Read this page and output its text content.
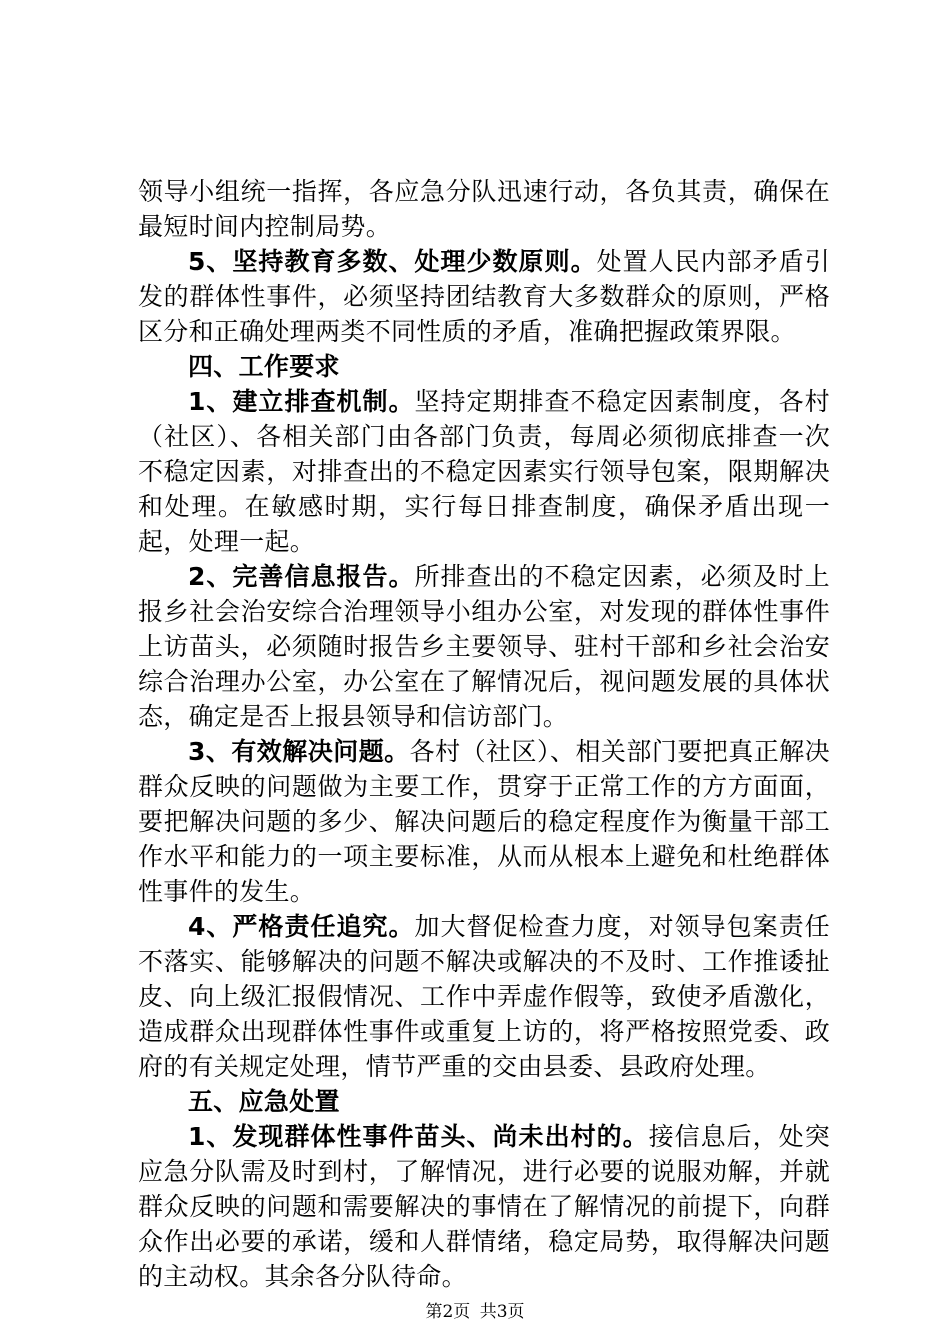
领导小组统一指挥，各应急分队迅速行动，各负其责，确保在最短时间内控制局势。

5、坚持教育多数、处理少数原则。处置人民内部矛盾引发的群体性事件，必须坚持团结教育大多数群众的原则，严格区分和正确处理两类不同性质的矛盾，准确把握政策界限。

四、工作要求

1、建立排查机制。坚持定期排查不稳定因素制度，各村（社区）、各相关部门由各部门负责，每周必须彻底排查一次不稳定因素，对排查出的不稳定因素实行领导包案，限期解决和处理。在敏感时期，实行每日排查制度，确保矛盾出现一起，处理一起。

2、完善信息报告。所排查出的不稳定因素，必须及时上报乡社会治安综合治理领导小组办公室，对发现的群体性事件上访苗头，必须随时报告乡主要领导、驻村干部和乡社会治安综合治理办公室，办公室在了解情况后，视问题发展的具体状态，确定是否上报县领导和信访部门。

3、有效解决问题。各村（社区）、相关部门要把真正解决群众反映的问题做为主要工作，贯穿于正常工作的方方面面，要把解决问题的多少、解决问题后的稳定程度作为衡量干部工作水平和能力的一项主要标准，从而从根本上避免和杜绝群体性事件的发生。

4、严格责任追究。加大督促检查力度，对领导包案责任不落实、能够解决的问题不解决或解决的不及时、工作推诿扯皮、向上级汇报假情况、工作中弄虚作假等，致使矛盾激化，造成群众出现群体性事件或重复上访的，将严格按照党委、政府的有关规定处理，情节严重的交由县委、县政府处理。

五、应急处置

1、发现群体性事件苗头、尚未出村的。接信息后，处突应急分队需及时到村，了解情况，进行必要的说服劝解，并就群众反映的问题和需要解决的事情在了解情况的前提下，向群众作出必要的承诺，缓和人群情绪，稳定局势，取得解决问题的主动权。其余各分队待命。

第2页 共3页
